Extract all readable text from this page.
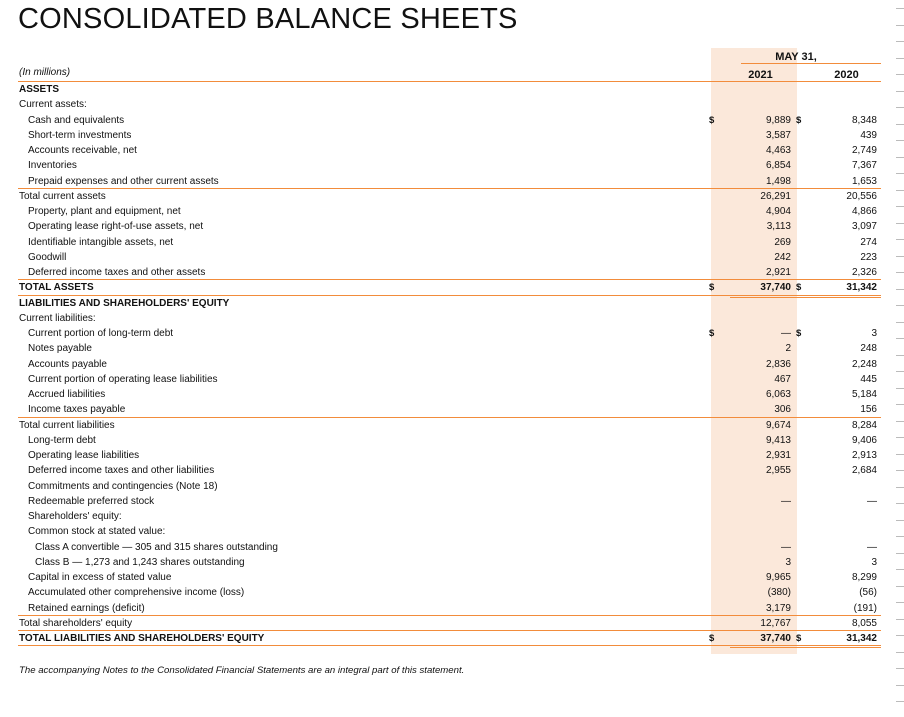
CONSOLIDATED BALANCE SHEETS
MAY 31,
2021	2020
(In millions)
ASSETS
Current assets:
Cash and equivalents	$	9,889 $	8,348
Short-term investments	3,587	439
Accounts receivable, net	4,463	2,749
Inventories	6,854	7,367
Prepaid expenses and other current assets	1,498	1,653
Total current assets	26,291	20,556
Property, plant and equipment, net	4,904	4,866
Operating lease right-of-use assets, net	3,113	3,097
Identifiable intangible assets, net	269	274
Goodwill	242	223
Deferred income taxes and other assets	2,921	2,326
TOTAL ASSETS	$	37,740 $	31,342
LIABILITIES AND SHAREHOLDERS' EQUITY
Current liabilities:
Current portion of long-term debt	$	— $	3
Notes payable	2	248
Accounts payable	2,836	2,248
Current portion of operating lease liabilities	467	445
Accrued liabilities	6,063	5,184
Income taxes payable	306	156
Total current liabilities	9,674	8,284
Long-term debt	9,413	9,406
Operating lease liabilities	2,931	2,913
Deferred income taxes and other liabilities	2,955	2,684
Commitments and contingencies (Note 18)
Redeemable preferred stock	—	—
Shareholders' equity:
Common stock at stated value:
Class A convertible — 305 and 315 shares outstanding	—	—
Class B — 1,273 and 1,243 shares outstanding	3	3
Capital in excess of stated value	9,965	8,299
Accumulated other comprehensive income (loss)	(380)	(56)
Retained earnings (deficit)	3,179	(191)
Total shareholders' equity	12,767	8,055
TOTAL LIABILITIES AND SHAREHOLDERS' EQUITY	$	37,740 $	31,342
The accompanying Notes to the Consolidated Financial Statements are an integral part of this statement.
